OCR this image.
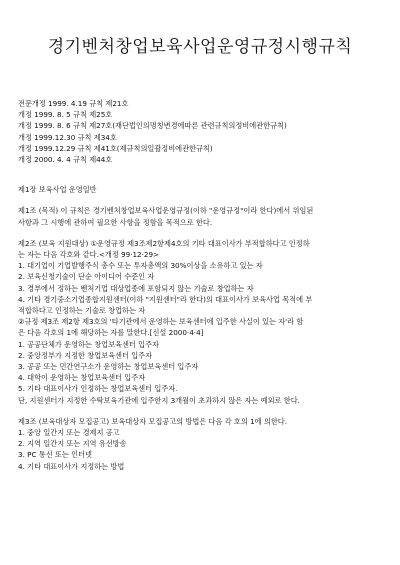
경기벤처창업보육사업운영규정시행규칙
전문개정 1999. 4.19 규칙 제21호
개정 1999. 8. 5 규칙 제25호
개정 1999. 8. 6 규칙 제27호(재단법인의명칭변경에따른 관련규칙의정비에관한규칙)
개정 1999.12.30 규칙 제34호
개정 1999.12.29 규칙 제41호(제규칙의일괄정비에관한규칙)
개정 2000. 4. 4 규칙 제44호
제1장 보육사업 운영일반
제1조 (목적) 이 규칙은 경기벤처창업보육사업운영규정(이하 "운영규정"이라 한다)에서 위임된
사항과 그 시행에 관하여 필요한 사항을 정함을 목적으로 한다.
제2조 (보육 지원대상) ①운영규정 제3조제2항제4호의 기타 대표이사가 부적합하다고 인정하
는 자는 다음 각호와 같다.<개정 99·12·29>
1. 대기업이 기업발행주식 총수 또는 투자총액의 30%이상을 소유하고 있는 자
2. 보육신청기술이 단순 아이디어 수준인 자
3. 경부에서 정하는 벤처기업 대상업종에 포함되지 않는 기술로 창업하는 자
4. 기타 경기중소기업종합지원센터(이하 "지원센터"라 한다)의 대표이사가 보육사업 목적에 부
적합하다고 인정하는 기술로 창업하는 자
②규정 제3조 제2항 제3호의 '타기관에서 운영하는 보육센터에 입주한 사실이 있는 자'라 함
은 다음 각호의 1에 해당하는 자를 말한다.[신설 2000·4·4]
1. 공공단체가 운영하는 창업보육센터 입주자
2. 중앙정부가 지정한 창업보육센터 입주자
3. 공공 또는 민간연구소가 운영하는 창업보육센터 입주자
4. 대학이 운영하는 창업보육센터 입주자
5. 기타 대표이사가 인정하는 창업보육센터 입주자.
단, 지원센터가 지정한 수탁보육기관에 입주한지 3개월이 초과하지 않은 자는 예외로 한다.
제3조 (보육대상자 모집공고) 보육대상자 모집공고의 방법은 다음 각 호의 1에 의한다.
1. 중앙 일간지 또는 경제지 공고
2. 지역 일간지 또는 지역 유선방송
3. PC 통신 또는 인터넷
4. 기타 대표이사가 지정하는 방법
